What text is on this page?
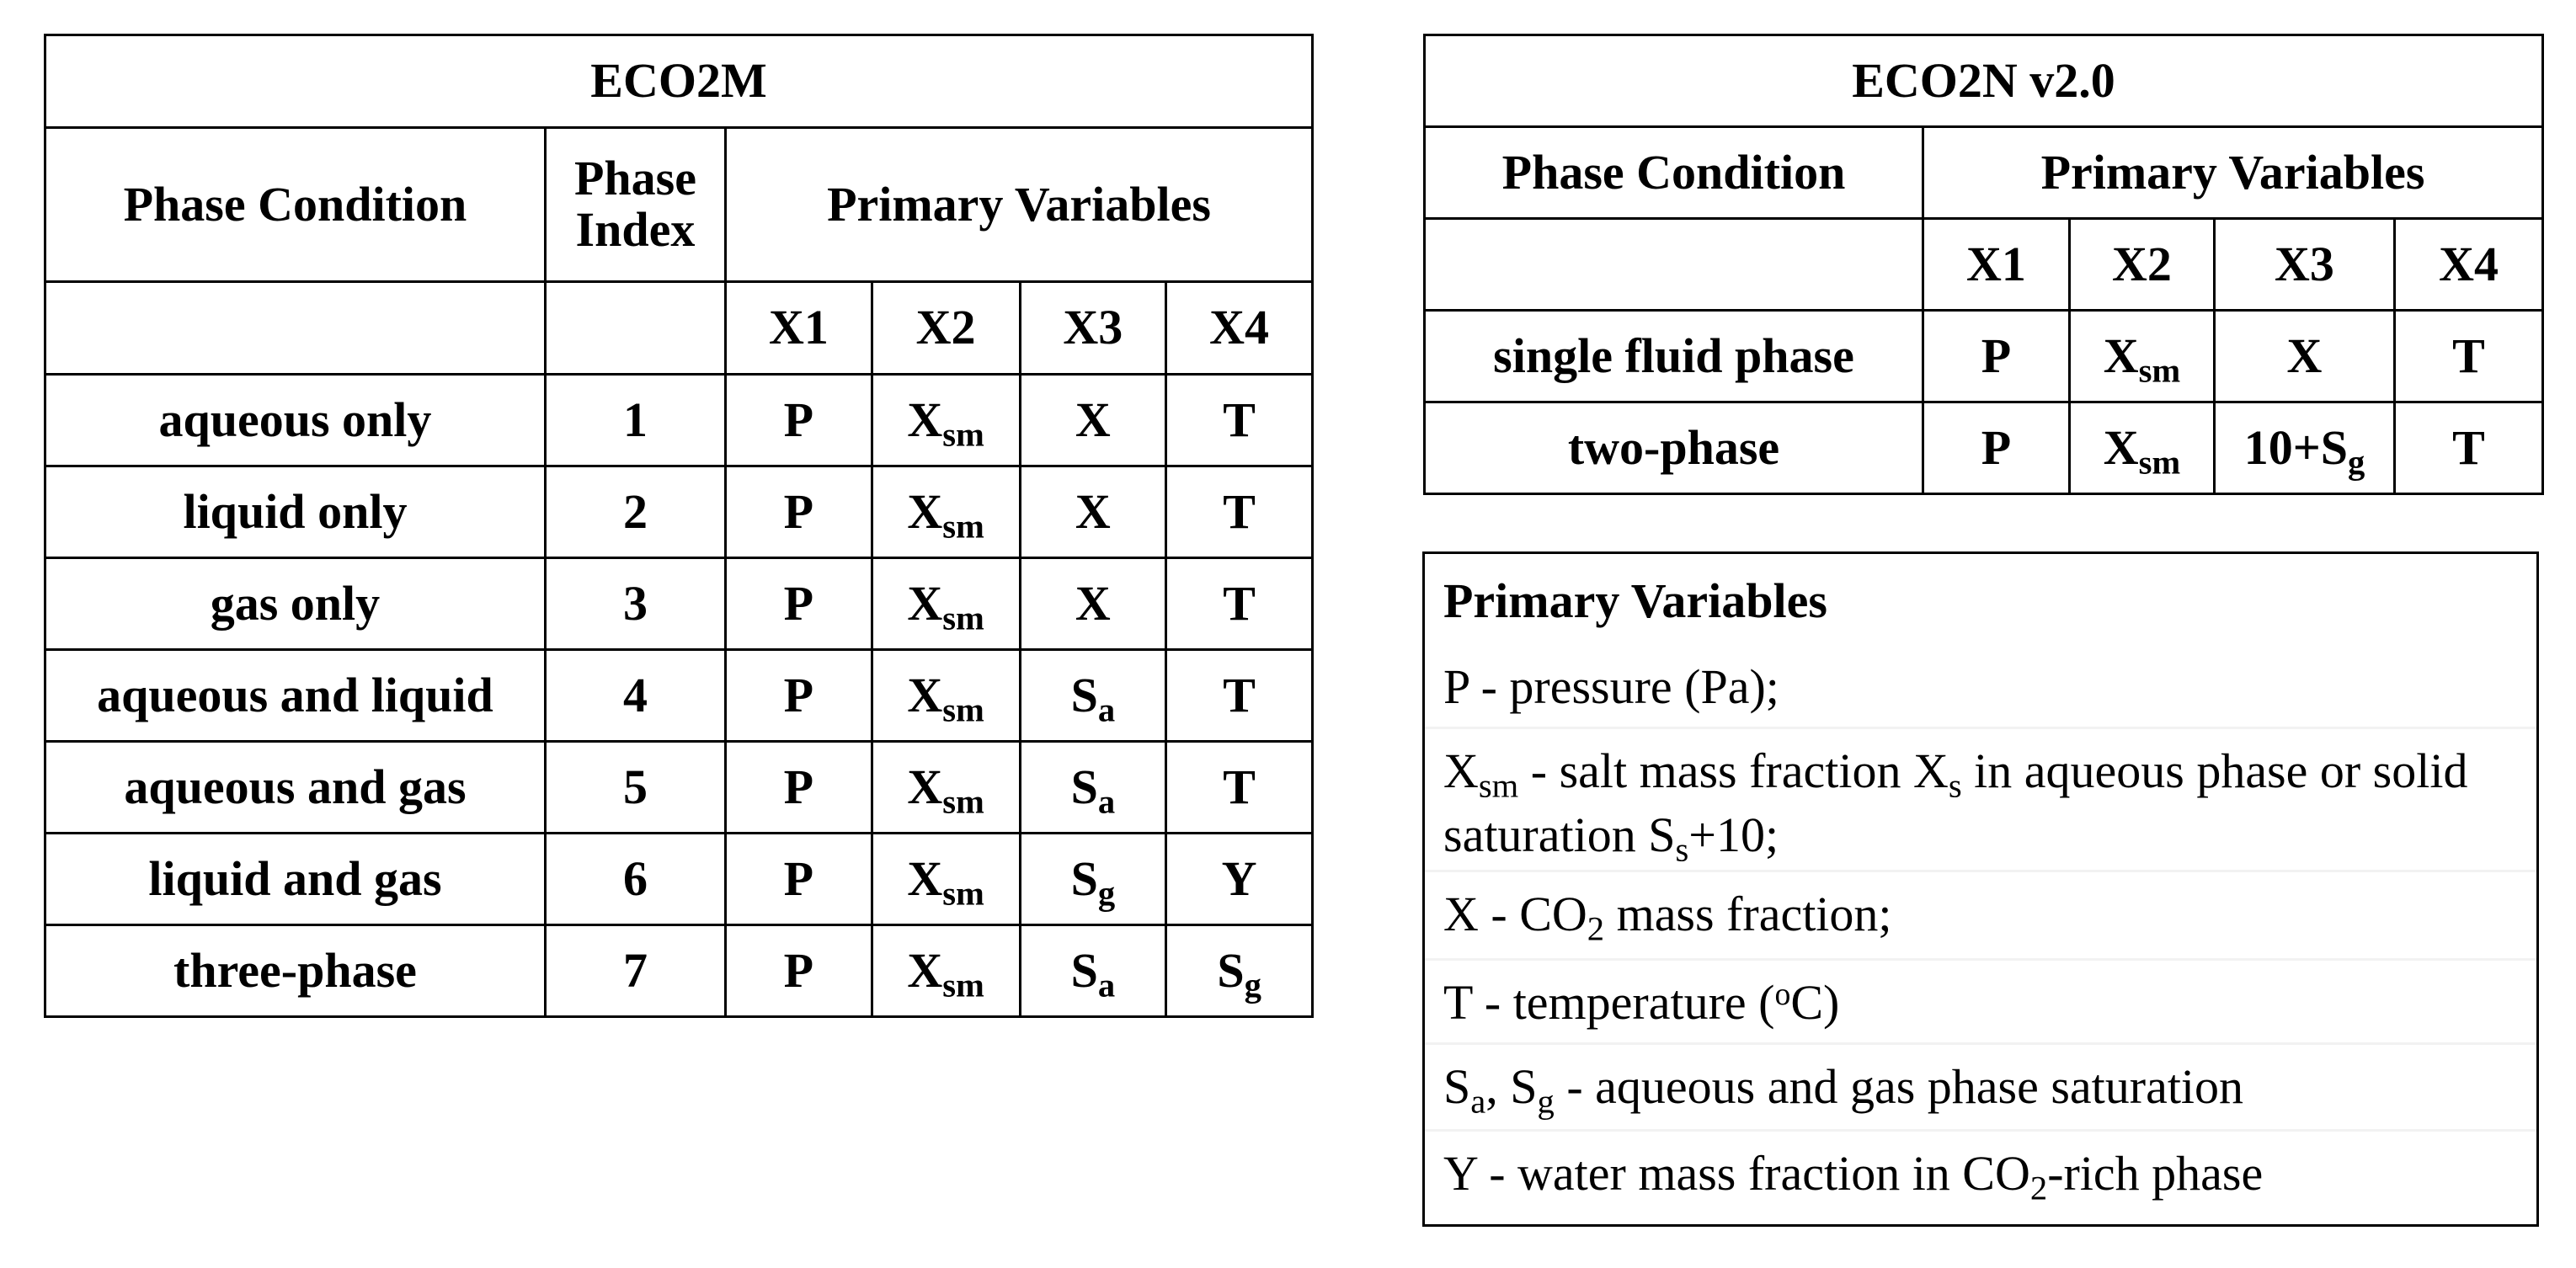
ECO2M					
Phase Condition	Phase Index	Primary Variables			
		X1	X2	X3	X4
aqueous only	1	P	$X_{sm}$	X	T
liquid only	2	P	$X_{sm}$	X	T
gas only	3	P	$X_{sm}$	X	T
aqueous and liquid	4	P	$X_{sm}$	$S_a$	T
aqueous and gas	5	P	$X_{sm}$	$S_a$	T
liquid and gas	6	P	$X_{sm}$	$S_g$	Y
three-phase	7	P	$X_{sm}$	$S_a$	$S_g$
ECO2N v2.0				
Phase Condition	Primary Variables			
	X1	X2	X3	X4
single fluid phase	P	$X_{sm}$	X	T
two-phase	P	$X_{sm}$	$10+S_g$	T
Primary Variables
P - pressure (Pa);
$X_{sm}$ - salt mass fraction $X_s$ in aqueous phase or solid saturation $S_s+10$;
X - $CO_2$ mass fraction;
T - temperature ($^o$C)
$S_a$, $S_g$ - aqueous and gas phase saturation
Y - water mass fraction in $CO_2$-rich phase
